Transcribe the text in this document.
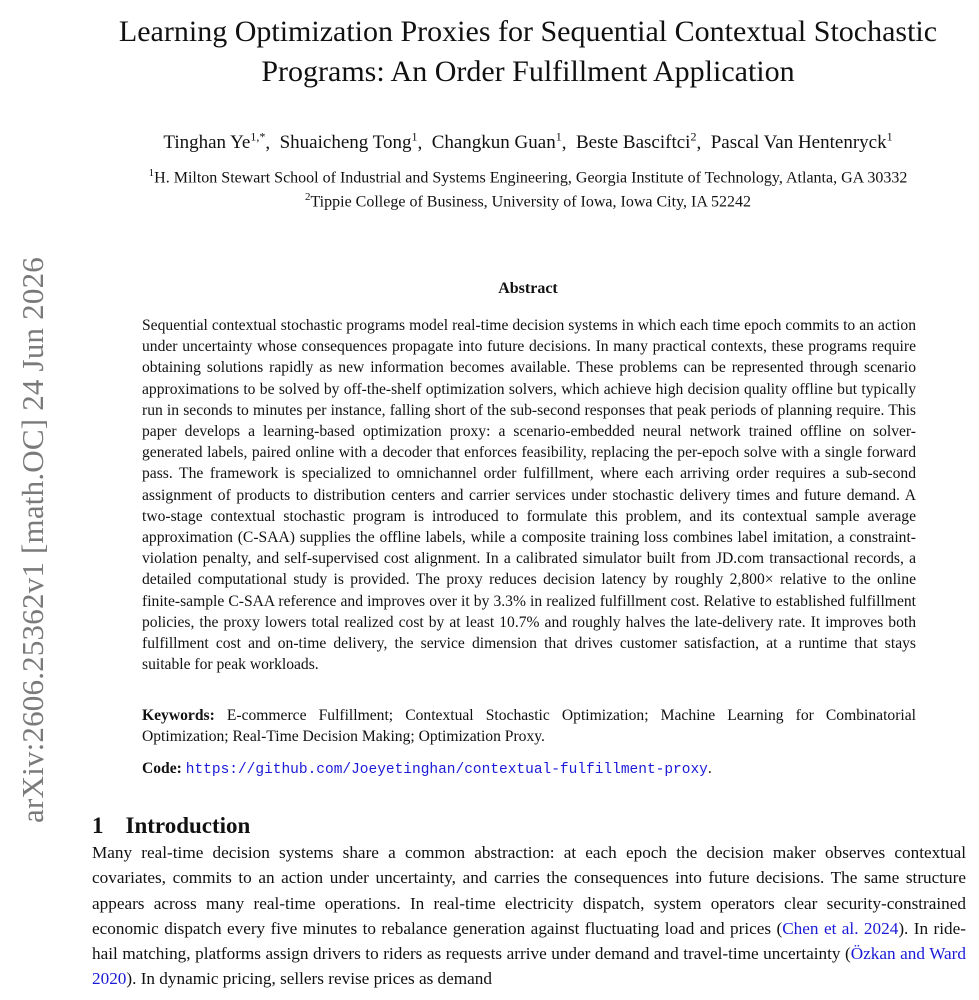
arXiv:2606.25362v1 [math.OC] 24 Jun 2026
Learning Optimization Proxies for Sequential Contextual Stochastic
Programs: An Order Fulfillment Application
Tinghan $Ye^{1,*}$,  Shuaicheng Tong$^1$,  Changkun Guan$^1$,  Beste Basciftci$^2$,  Pascal Van Hentenryck$^1$
$^1$H. Milton Stewart School of Industrial and Systems Engineering, Georgia Institute of Technology, Atlanta, GA 30332
$^2$Tippie College of Business, University of Iowa, Iowa City, IA 52242
Abstract

Sequential contextual stochastic programs model real-time decision systems in which each time epoch commits to an action under uncertainty whose consequences propagate into future decisions. In many practical contexts, these programs require obtaining solutions rapidly as new information becomes available. These problems can be represented through scenario approximations to be solved by off-the-shelf optimization solvers, which achieve high decision quality offline but typically run in seconds to minutes per instance, falling short of the sub-second responses that peak periods of planning require. This paper develops a learning-based optimization proxy: a scenario-embedded neural network trained offline on solver-generated labels, paired online with a decoder that enforces feasibility, replacing the per-epoch solve with a single forward pass. The framework is specialized to omnichannel order fulfillment, where each arriving order requires a sub-second assignment of products to distribution centers and carrier services under stochastic delivery times and future demand. A two-stage contextual stochastic program is introduced to formulate this problem, and its contextual sample average approximation (C-SAA) supplies the offline labels, while a composite training loss combines label imitation, a constraint-violation penalty, and self-supervised cost alignment. In a calibrated simulator built from JD.com transactional records, a detailed computational study is provided. The proxy reduces decision latency by roughly 2,800× relative to the online finite-sample C-SAA reference and improves over it by 3.3% in realized fulfillment cost. Relative to established fulfillment policies, the proxy lowers total realized cost by at least 10.7% and roughly halves the late-delivery rate. It improves both fulfillment cost and on-time delivery, the service dimension that drives customer satisfaction, at a runtime that stays suitable for peak workloads.

Keywords: E-commerce Fulfillment; Contextual Stochastic Optimization; Machine Learning for Combinatorial Optimization; Real-Time Decision Making; Optimization Proxy.

Code: https://github.com/Joeyetinghan/contextual-fulfillment-proxy.

1 Introduction

Many real-time decision systems share a common abstraction: at each epoch the decision maker observes contextual covariates, commits to an action under uncertainty, and carries the consequences into future decisions. The same structure appears across many real-time operations. In real-time electricity dispatch, system operators clear security-constrained economic dispatch every five minutes to rebalance generation against fluctuating load and prices (Chen et al. 2024). In ride-hail matching, platforms assign drivers to riders as requests arrive under demand and travel-time uncertainty (Özkan and Ward 2020). In dynamic pricing, sellers revise prices as demand
